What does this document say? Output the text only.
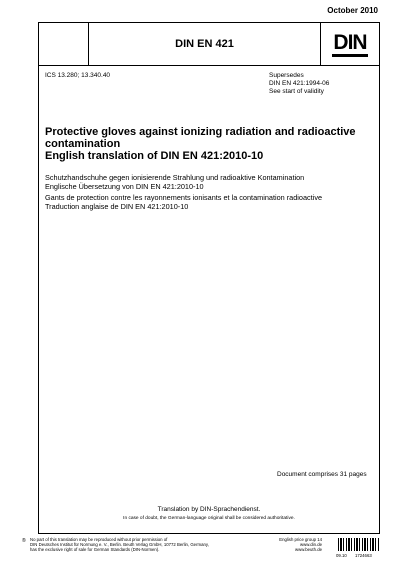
October 2010
DIN EN 421	DIN
ICS 13.280; 13.340.40	Supersedes
DIN EN 421:1994-06
See start of validity
Protective gloves against ionizing radiation and radioactive contamination
English translation of DIN EN 421:2010-10
Schutzhandschuhe gegen ionisierende Strahlung und radioaktive Kontamination
Englische Übersetzung von DIN EN 421:2010-10
Gants de protection contre les rayonnements ionisants et la contamination radioactive
Traduction anglaise de DIN EN 421:2010-10
Document comprises 31 pages
Translation by DIN-Sprachendienst.
In case of doubt, the German-language original shall be considered authoritative.
® No part of this translation may be reproduced without prior permission of
DIN Deutsches Institut für Normung e. V., Berlin. Beuth Verlag GmbH, 10772 Berlin, Germany,
has the exclusive right of sale for German Standards (DIN-Normen).
English price group 14
www.din.de
www.beuth.de
09.10 1724663
